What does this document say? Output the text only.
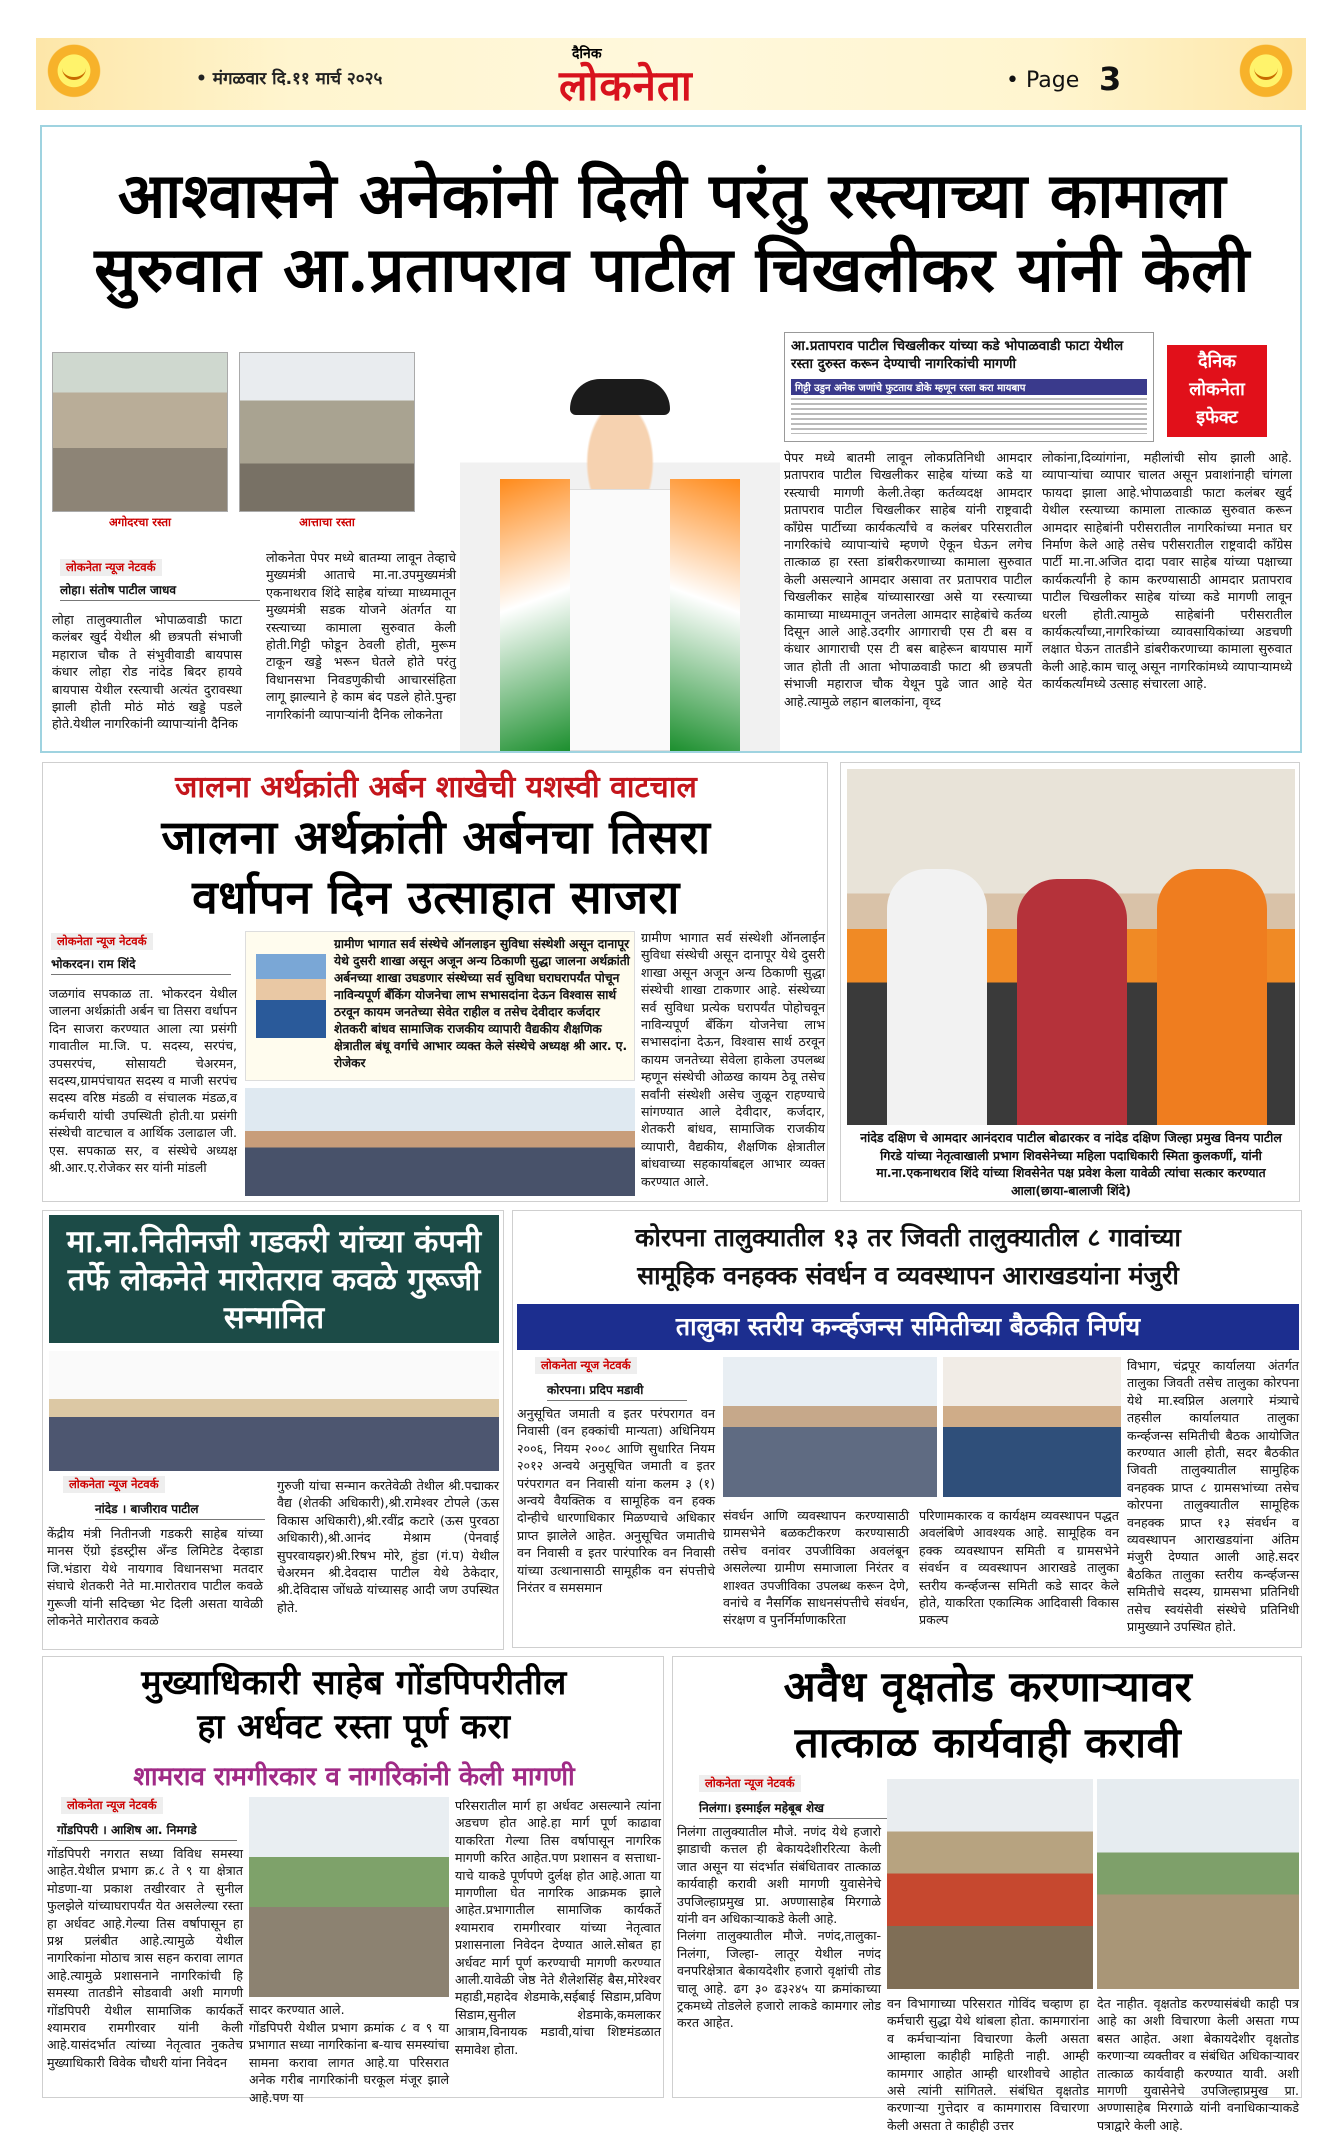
• मंगळवार दि.११ मार्च २०२५
दैनिक
लोकनेता	• Page 3
आश्वासने अनेकांनी दिली परंतु रस्त्याच्या कामाला
सुरुवात आ.प्रतापराव पाटील चिखलीकर यांनी केली
अगोदरचा रस्ता	आत्ताचा रस्ता
लोकनेता न्यूज नेटवर्क
लोहा। संतोष पाटील जाधव
लोहा तालुक्यातील भोपाळवाडी फाटा कलंबर खुर्द येथील श्री छत्रपती संभाजी महाराज चौक ते संभुवीवाडी बायपास कंधार लोहा रोड नांदेड बिदर हायवे बायपास येथील रस्त्याची अत्यंत दुरावस्था झाली होती मोठं मोठं खड्डे पडले होते.येथील नागरिकांनी व्यापाऱ्यांनी दैनिक
लोकनेता पेपर मध्ये बातम्या लावून तेव्हाचे मुख्यमंत्री आताचे मा.ना.उपमुख्यमंत्री एकनाथराव शिंदे साहेब यांच्या माध्यमातून मुख्यमंत्री सडक योजने अंतर्गत या रस्त्याच्या कामाला सुरुवात केली होती.गिट्टी फोडून ठेवली होती, मुरूम टाकून खड्डे भरून घेतले होते परंतु विधानसभा निवडणुकीची आचारसंहिता लागू झाल्याने हे काम बंद पडले होते.पुन्हा नागरिकांनी व्यापाऱ्यांनी दैनिक लोकनेता
आ.प्रतापराव पाटील चिखलीकर यांच्या कडे भोपाळवाडी फाटा येथील रस्ता दुरुस्त करून देण्याची नागरिकांची मागणी
गिट्टी उडुन अनेक जणांचे फुटताय डोके म्हणून रस्ता करा मायबाप
दैनिक
लोकनेता
इफेक्ट
पेपर मध्ये बातमी लावून लोकप्रतिनिधी आमदार प्रतापराव पाटील चिखलीकर साहेब यांच्या कडे या रस्त्याची मागणी केली.तेव्हा कर्तव्यदक्ष आमदार प्रतापराव पाटील चिखलीकर साहेब यांनी राष्ट्रवादी कॉंग्रेस पार्टीच्या कार्यकर्त्यांचे व कलंबर परिसरातील नागरिकांचे व्यापाऱ्यांचे म्हणणे ऐकून घेऊन लगेच तात्काळ हा रस्ता डांबरीकरणाच्या कामाला सुरुवात केली असल्याने आमदार असावा तर प्रतापराव पाटील चिखलीकर साहेब यांच्यासारखा असे या रस्त्याच्या कामाच्या माध्यमातून जनतेला आमदार साहेबांचे कर्तव्य दिसून आले आहे.उदगीर आगाराची एस टी बस व कंधार आगाराची एस टी बस बाहेरून बायपास मार्गे जात होती ती आता भोपाळवाडी फाटा श्री छत्रपती संभाजी महाराज चौक येथून पुढे जात आहे येत आहे.त्यामुळे लहान बालकांना, वृध्द
लोकांना,दिव्यांगांना, महीलांची सोय झाली आहे. व्यापाऱ्यांचा व्यापार चालत असून प्रवाशांनाही चांगला फायदा झाला आहे.भोपाळवाडी फाटा कलंबर खुर्द येथील रस्त्याच्या कामाला तात्काळ सुरुवात करून आमदार साहेबांनी परीसरातील नागरिकांच्या मनात घर निर्माण केले आहे तसेच परीसरातील राष्ट्रवादी कॉंग्रेस पार्टी मा.ना.अजित दादा पवार साहेब यांच्या पक्षाच्या कार्यकर्त्यांनी हे काम करण्यासाठी आमदार प्रतापराव पाटील चिखलीकर साहेब यांच्या कडे मागणी लावून धरली होती.त्यामुळे साहेबांनी परीसरातील कार्यकर्त्यांच्या,नागरिकांच्या व्यावसायिकांच्या अडचणी लक्षात घेऊन तातडीने डांबरीकरणाच्या कामाला सुरुवात केली आहे.काम चालू असून नागरिकांमध्ये व्यापाऱ्यामध्ये कार्यकर्त्यांमध्ये उत्साह संचारला आहे.
जालना अर्थक्रांती अर्बन शाखेची यशस्वी वाटचाल
जालना अर्थक्रांती अर्बनचा तिसरा
वर्धापन दिन उत्साहात साजरा
लोकनेता न्यूज नेटवर्क
भोकरदन। राम शिंदे
जळगांव सपकाळ ता. भोकरदन येथील जालना अर्थक्रांती अर्बन चा तिसरा वर्धापन दिन साजरा करण्यात आला त्या प्रसंगी गावातील मा.जि. प. सदस्य, सरपंच, उपसरपंच, सोसायटी चेअरमन, सदस्य,ग्रामपंचायत सदस्य व माजी सरपंच सदस्य वरिष्ठ मंडळी व संचालक मंडळ,व कर्मचारी यांची उपस्थिती होती.या प्रसंगी संस्थेची वाटचाल व आर्थिक उलाढाल जी. एस. सपकाळ सर, व संस्थेचे अध्यक्ष श्री.आर.ए.रोजेकर सर यांनी मांडली
ग्रामीण भागात सर्व संस्थेचे ऑनलाइन सुविधा संस्थेशी असून दानापूर येथे दुसरी शाखा असून अजून अन्य ठिकाणी सुद्धा जालना अर्थक्रांती अर्बनच्या शाखा उघडणार संस्थेच्या सर्व सुविधा घराघरापर्यंत पोचून नाविन्यपूर्ण बँकिंग योजनेचा लाभ सभासदांना देऊन विश्वास सार्थ ठरवून कायम जनतेच्या सेवेत राहील व तसेच देवीदार कर्जदार शेतकरी बांधव सामाजिक राजकीय व्यापारी वैद्यकीय शैक्षणिक क्षेत्रातील बंधू वर्गाचे आभार व्यक्त केले संस्थेचे अध्यक्ष श्री आर. ए. रोजेकर
ग्रामीण भागात सर्व संस्थेशी ऑनलाईन सुविधा संस्थेची असून दानापूर येथे दुसरी शाखा असून अजून अन्य ठिकाणी सुद्धा संस्थेची शाखा टाकणार आहे. संस्थेच्या सर्व सुविधा प्रत्येक घरापर्यंत पोहोचवून नाविन्यपूर्ण बँकिंग योजनेचा लाभ सभासदांना देऊन, विश्वास सार्थ ठरवून कायम जनतेच्या सेवेला हाकेला उपलब्ध म्हणून संस्थेची ओळख कायम ठेवू तसेच सर्वांनी संस्थेशी असेच जुळून राहण्याचे सांगण्यात आले देवीदार, कर्जदार, शेतकरी बांधव, सामाजिक राजकीय व्यापारी, वैद्यकीय, शैक्षणिक क्षेत्रातील बांधवाच्या सहकार्याबद्दल आभार व्यक्त करण्यात आले.
नांदेड दक्षिण चे आमदार आनंदराव पाटील बोढारकर व नांदेड दक्षिण जिल्हा प्रमुख विनय पाटील गिरडे यांच्या नेतृत्वाखाली प्रभाग शिवसेनेच्या महिला पदाधिकारी स्मिता कुलकर्णी, यांनी मा.ना.एकनाथराव शिंदे यांच्या शिवसेनेत पक्ष प्रवेश केला यावेळी त्यांचा सत्कार करण्यात आला(छाया-बालाजी शिंदे)
मा.ना.नितीनजी गडकरी यांच्या कंपनी तर्फे लोकनेते मारोतराव कवळे गुरूजी सन्मानित
लोकनेता न्यूज नेटवर्क
नांदेड । बाजीराव पाटील
केंद्रीय मंत्री नितीनजी गडकरी साहेब यांच्या मानस ऍग्रो इंडस्ट्रीस अँन्ड लिमिटेड देव्हाडा जि.भंडारा येथे नायगाव विधानसभा मतदार संघाचे शेतकरी नेते मा.मारोतराव पाटील कवळे गुरूजी यांनी सदिच्छा भेट दिली असता यावेळी लोकनेते मारोतराव कवळे
गुरुजी यांचा सन्मान करतेवेळी तेथील श्री.पद्माकर वैद्य (शेतकी अधिकारी),श्री.रामेश्वर टोपले (ऊस विकास अधिकारी),श्री.रवींद्र कटारे (ऊस पुरवठा अधिकारी),श्री.आनंद मेश्राम (पेनवाई सुपरवायझर)श्री.रिषभ मोरे, हुंडा (गं.प) येथील चेअरमन श्री.देवदास पाटील येथे ठेकेदार, श्री.देविदास जोंधळे यांच्यासह आदी जण उपस्थित होते.
कोरपना तालुक्यातील १३ तर जिवती तालुक्यातील ८ गावांच्या
सामूहिक वनहक्क संवर्धन व व्यवस्थापन आराखडयांना मंजुरी
तालुका स्तरीय कर्न्व्हजन्स समितीच्या बैठकीत निर्णय
लोकनेता न्यूज नेटवर्क
कोरपना। प्रदिप मडावी
अनुसूचित जमाती व इतर परंपरागत वन निवासी (वन हक्कांची मान्यता) अधिनियम २००६, नियम २००८ आणि सुधारित नियम २०१२ अन्वये अनुसूचित जमाती व इतर परंपरागत वन निवासी यांना कलम ३ (१) अन्वये वैयक्तिक व सामूहिक वन हक्क दोन्हीचे धारणाधिकार मिळण्याचे अधिकार प्राप्त झालेले आहेत. अनुसूचित जमातीचे वन निवासी व इतर पारंपारिक वन निवासी यांच्या उत्थानासाठी सामूहीक वन संपत्तीचे निरंतर व समसमान
संवर्धन आणि व्यवस्थापन करण्यासाठी ग्रामसभेने बळकटीकरण करण्यासाठी तसेच वनांवर उपजीविका अवलंबून असलेल्या ग्रामीण समाजाला निरंतर व शाश्वत उपजीविका उपलब्ध करून देणे, वनांचे व नैसर्गिक साधनसंपत्तीचे संवर्धन, संरक्षण व पुनर्निर्माणाकरिता
परिणामकारक व कार्यक्षम व्यवस्थापन पद्धत अवलंबिणे आवश्यक आहे. सामूहिक वन हक्क व्यवस्थापन समिती व ग्रामसभेने संवर्धन व व्यवस्थापन आराखडे तालुका स्तरीय कर्न्व्हजन्स समिती कडे सादर केले होते, याकरिता एकात्मिक आदिवासी विकास प्रकल्प
विभाग, चंद्रपूर कार्यालया अंतर्गत तालुका जिवती तसेच तालुका कोरपना येथे मा.स्वप्निल अलगारे मंत्र्याचे तहसील कार्यालयात तालुका कर्न्व्हजन्स समितीची बैठक आयोजित करण्यात आली होती, सदर बैठकीत जिवती तालुक्यातील सामुहिक वनहक्क प्राप्त ८ ग्रामसभांच्या तसेच कोरपना तालुक्यातील सामूहिक वनहक्क प्राप्त १३ संवर्धन व व्यवस्थापन आराखडयांना अंतिम मंजुरी देण्यात आली आहे.सदर बैठकित तालुका स्तरीय कर्न्व्हजन्स समितीचे सदस्य, ग्रामसभा प्रतिनिधी तसेच स्वयंसेवी संस्थेचे प्रतिनिधी प्रामुख्याने उपस्थित होते.
मुख्याधिकारी साहेब गोंडपिपरीतील
हा अर्धवट रस्ता पूर्ण करा
शामराव रामगीरकार व नागरिकांनी केली मागणी
लोकनेता न्यूज नेटवर्क
गोंडपिपरी । आशिष आ. निमगडे
गोंडपिपरी नगरात सध्या विविध समस्या आहेत.येथील प्रभाग क्र.८ ते ९ या क्षेत्रात मोडणा-या प्रकाश तखीरवार ते सुनील फुलझेले यांच्याघरापर्यंत येत असलेल्या रस्ता हा अर्धवट आहे.गेल्या तिस वर्षापासून हा प्रश्न प्रलंबीत आहे.त्यामुळे येथील नागरिकांना मोठाच त्रास सहन करावा लागत आहे.त्यामुळे प्रशासनाने नागरिकांची हि समस्या तातडीने सोडवावी अशी मागणी गोंडपिपरी येथील सामाजिक कार्यकर्ते श्यामराव रामगीरवार यांनी केली आहे.यासंदर्भात त्यांच्या नेतृत्वात नुकतेच मुख्याधिकारी विवेक चौधरी यांना निवेदन
सादर करण्यात आले.
गोंडपिपरी येथील प्रभाग क्रमांक ८ व ९ या प्रभागात सध्या नागरिकांना ब-याच समस्यांचा सामना करावा लागत आहे.या परिसरात अनेक गरीब नागरिकांनी घरकूल मंजूर झाले आहे.पण या
परिसरातील मार्ग हा अर्धवट असल्याने त्यांना अडचण होत आहे.हा मार्ग पूर्ण काढावा याकरिता गेल्या तिस वर्षापासून नागरिक मागणी करित आहेत.पण प्रशासन व सत्ताधा-याचे याकडे पूर्णपणे दुर्लक्ष होत आहे.आता या मागणीला घेत नागरिक आक्रमक झाले आहेत.प्रभागातील सामाजिक कार्यकर्ते श्यामराव रामगीरवार यांच्या नेतृत्वात प्रशासनाला निवेदन देण्यात आले.सोबत हा अर्धवट मार्ग पूर्ण करण्याची मागणी करण्यात आली.यावेळी जेष्ठ नेते शैलेशसिंह बैस,मोरेश्वर महाडी,महादेव शेडमाके,सईबाई सिडाम,प्रविण सिडाम,सुनील शेडमाके,कमलाकर आत्राम,विनायक मडावी,यांचा शिष्टमंडळात समावेश होता.
अवैध वृक्षतोड करणाऱ्यावर
तात्काळ कार्यवाही करावी
लोकनेता न्यूज नेटवर्क
निलंगा। इस्माईल महेबूब शेख
निलंगा तालुक्यातील मौजे. नणंद येथे हजारो झाडाची कत्तल ही बेकायदेशीररित्या केली जात असून या संदर्भात संबंधितावर तात्काळ कार्यवाही करावी अशी मागणी युवासेनेचे उपजिल्हाप्रमुख प्रा. अण्णासाहेब मिरगाळे यांनी वन अधिकाऱ्याकडे केली आहे.
निलंगा तालुक्यातील मौजे. नणंद,तालुका- निलंगा, जिल्हा- लातूर येथील नणंद वनपरिक्षेत्रात बेकायदेशीर हजारो वृक्षांची तोड चालू आहे. ढग ३० ढ३२४५ या क्रमांकाच्या ट्रकमध्ये तोडलेले हजारो लाकडे कामगार लोड करत आहेत.
वन विभागाच्या परिसरात गोविंद चव्हाण हा कर्मचारी सुद्धा येथे थांबला होता. कामगारांना व कर्मचाऱ्यांना विचारणा केली असता आम्हाला काहीही माहिती नाही. आम्ही कामगार आहोत आम्ही धारशीवचे आहोत असे त्यांनी सांगितले. संबंधित वृक्षतोड करणाऱ्या गुत्तेदार व कामगारास विचारणा केली असता ते काहीही उत्तर
देत नाहीत. वृक्षतोड करण्यासंबंधी काही पत्र आहे का अशी विचारणा केली असता गप्प बसत आहेत. अशा बेकायदेशीर वृक्षतोड करणाऱ्या व्यक्तीवर व संबंधित अधिकाऱ्यावर तात्काळ कार्यवाही करण्यात यावी. अशी मागणी युवासेनेचे उपजिल्हाप्रमुख प्रा. अण्णासाहेब मिरगाळे यांनी वनाधिकाऱ्याकडे पत्राद्वारे केली आहे.
